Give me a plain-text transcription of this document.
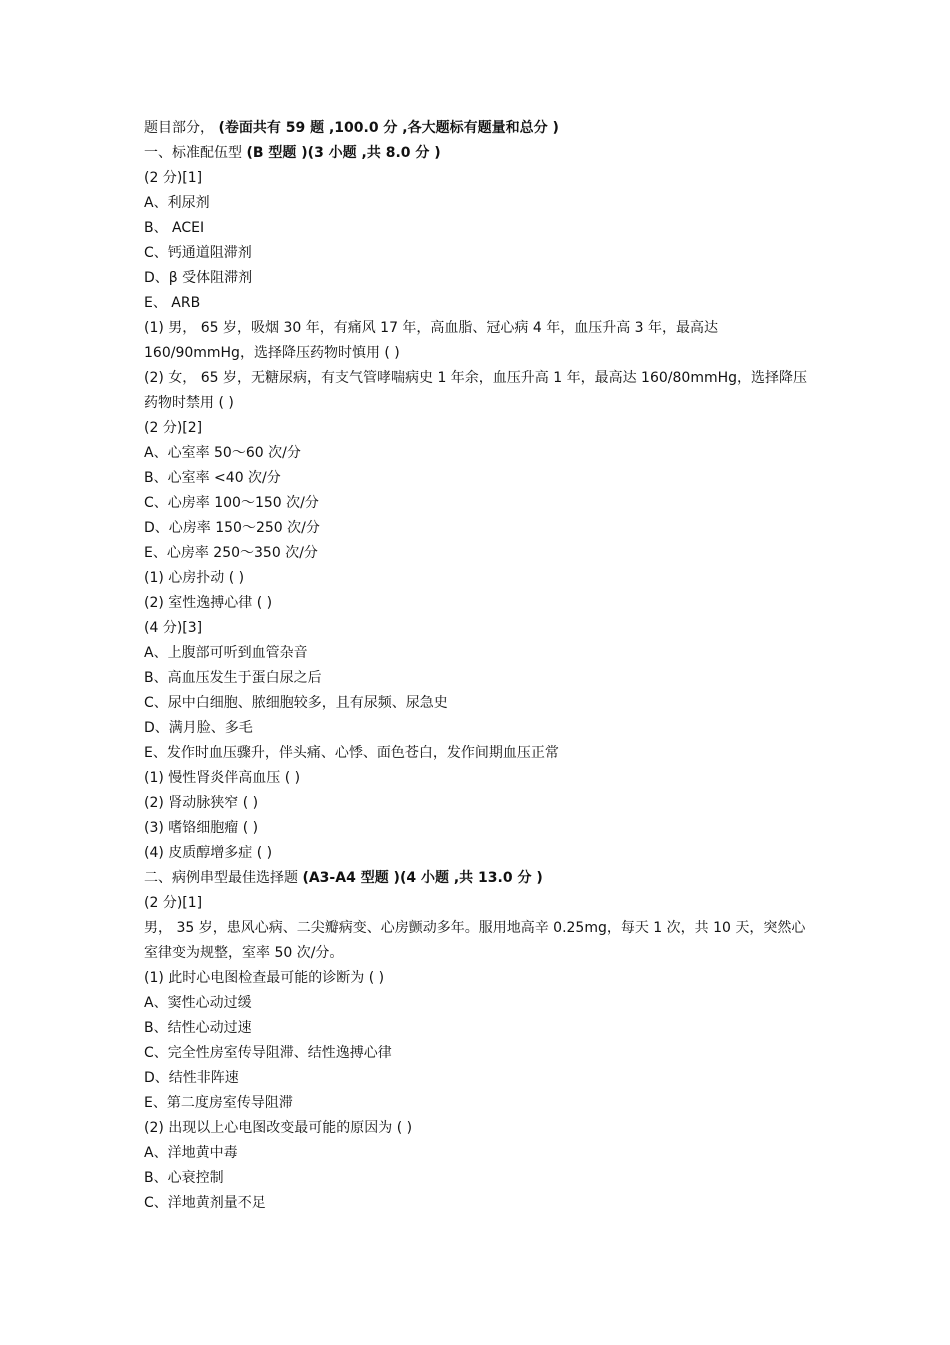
题目部分， (卷面共有 59 题 ,100.0 分 ,各大题标有题量和总分 )
一、标准配伍型 (B 型题 )(3 小题 ,共 8.0 分 )
(2 分)[1]
A、利尿剂
B、 ACEI
C、钙通道阻滞剂
D、β 受体阻滞剂
E、 ARB
(1) 男， 65 岁，吸烟 30 年，有痛风 17 年，高血脂、冠心病 4 年，血压升高 3 年，最高达 160/90mmHg，选择降压药物时慎用 ( )
(2) 女， 65 岁，无糖尿病，有支气管哮喘病史 1 年余，血压升高 1 年，最高达 160/80mmHg，选择降压药物时禁用 ( )
(2 分)[2]
A、心室率 50～60 次/分
B、心室率 <40 次/分
C、心房率 100～150 次/分
D、心房率 150～250 次/分
E、心房率 250～350 次/分
(1) 心房扑动 ( )
(2) 室性逸搏心律 ( )
(4 分)[3]
A、上腹部可听到血管杂音
B、高血压发生于蛋白尿之后
C、尿中白细胞、脓细胞较多，且有尿频、尿急史
D、满月脸、多毛
E、发作时血压骤升，伴头痛、心悸、面色苍白，发作间期血压正常
(1) 慢性肾炎伴高血压 ( )
(2) 肾动脉狭窄 ( )
(3) 嗜铬细胞瘤 ( )
(4) 皮质醇增多症 ( )
二、病例串型最佳选择题 (A3-A4 型题 )(4 小题 ,共 13.0 分 )
(2 分)[1]
男， 35 岁，患风心病、二尖瓣病变、心房颤动多年。服用地高辛 0.25mg，每天 1 次，共 10 天，突然心室律变为规整，室率 50 次/分。
(1) 此时心电图检查最可能的诊断为 ( )
A、窦性心动过缓
B、结性心动过速
C、完全性房室传导阻滞、结性逸搏心律
D、结性非阵速
E、第二度房室传导阻滞
(2) 出现以上心电图改变最可能的原因为 ( )
A、洋地黄中毒
B、心衰控制
C、洋地黄剂量不足
